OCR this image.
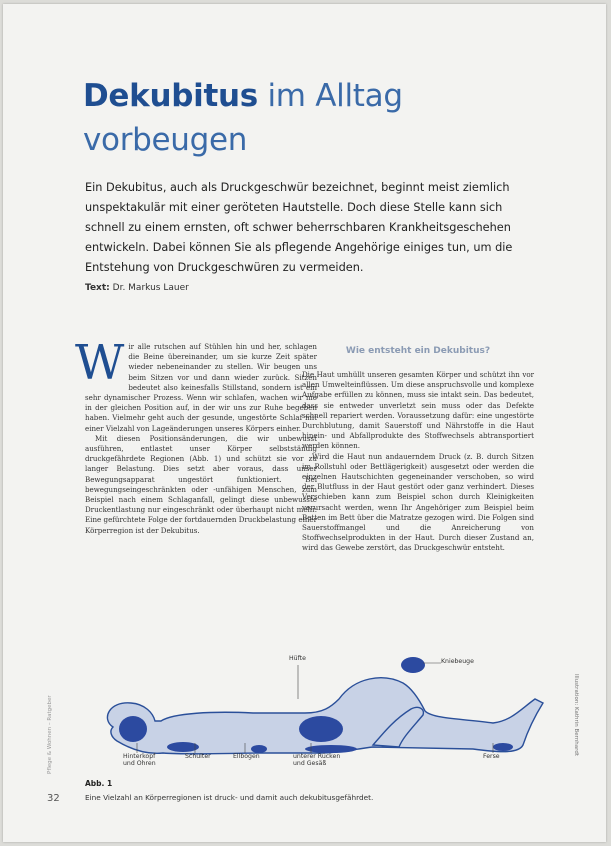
Dekubitus im Alltag
vorbeugen

Ein Dekubitus, auch als Druckgeschwür bezeichnet, beginnt meist ziemlich unspektakulär mit einer geröteten Hautstelle. Doch diese Stelle kann sich schnell zu einem ernsten, oft schwer beherrschbaren Krankheitsgeschehen entwickeln. Dabei können Sie als pflegende Angehörige einiges tun, um die Entstehung von Druckgeschwüren zu vermeiden.

Text: Dr. Markus Lauer
W ir alle rutschen auf Stühlen hin und her, schlagen die Beine übereinander, um sie kurze Zeit später wieder nebeneinander zu stellen. Wir beugen uns beim Sitzen vor und dann wieder zurück. Sitzen bedeutet also keinesfalls Stillstand, sondern ist ein sehr dynamischer Prozess. Wenn wir schlafen, wachen wir nie in der gleichen Position auf, in der wir uns zur Ruhe begeben haben. Vielmehr geht auch der gesunde, ungestörte Schlaf mit einer Vielzahl von Lageänderungen unseres Körpers einher.

Mit diesen Positionsänderungen, die wir unbewusst ausführen, entlastet unser Körper selbstständig druckgefährdete Regionen (Abb. 1) und schützt sie vor zu langer Belastung. Dies setzt aber voraus, dass unser Bewegungsapparat ungestört funktioniert. Bei bewegungseingeschränkten oder -unfähigen Menschen, zum Beispiel nach einem Schlaganfall, gelingt diese unbewusste Druckentlastung nur eingeschränkt oder überhaupt nicht mehr. Eine gefürchtete Folge der fortdauernden Druckbelastung einer Körperregion ist der Dekubitus.

Wie entsteht ein Dekubitus?

Die Haut umhüllt unseren gesamten Körper und schützt ihn vor allen Umwelteinflüssen. Um diese anspruchsvolle und komplexe Aufgabe erfüllen zu können, muss sie intakt sein. Das bedeutet, dass sie entweder unverletzt sein muss oder das Defekte schnell repariert werden. Voraussetzung dafür: eine ungestörte Durchblutung, damit Sauerstoff und Nährstoffe in die Haut hinein- und Abfallprodukte des Stoffwechsels abtransportiert werden können.

Wird die Haut nun andauerndem Druck (z. B. durch Sitzen im Rollstuhl oder Bettlägerigkeit) ausgesetzt oder werden die einzelnen Hautschichten gegeneinander verschoben, so wird der Blutfluss in der Haut gestört oder ganz verhindert. Dieses Verschieben kann zum Beispiel schon durch Kleinigkeiten verursacht werden, wenn Ihr Angehöriger zum Beispiel beim Betten im Bett über die Matratze gezogen wird. Die Folgen sind Sauerstoffmangel und die Anreicherung von Stoffwechselprodukten in der Haut. Durch dieser Zustand an, wird das Gewebe zerstört, das Druckgeschwür entsteht.

Hüfte	Kniebeuge
Hinterkopf
und Ohren
Schulter	Ellbogen	unterer Rücken
und Gesäß
Ferse
Abb. 1
Eine Vielzahl an Körperregionen ist druck- und damit auch dekubitusgefährdet.
32
Pflege & Wohnen – Ratgeber	Illustration: Kathrin Bernhardt
